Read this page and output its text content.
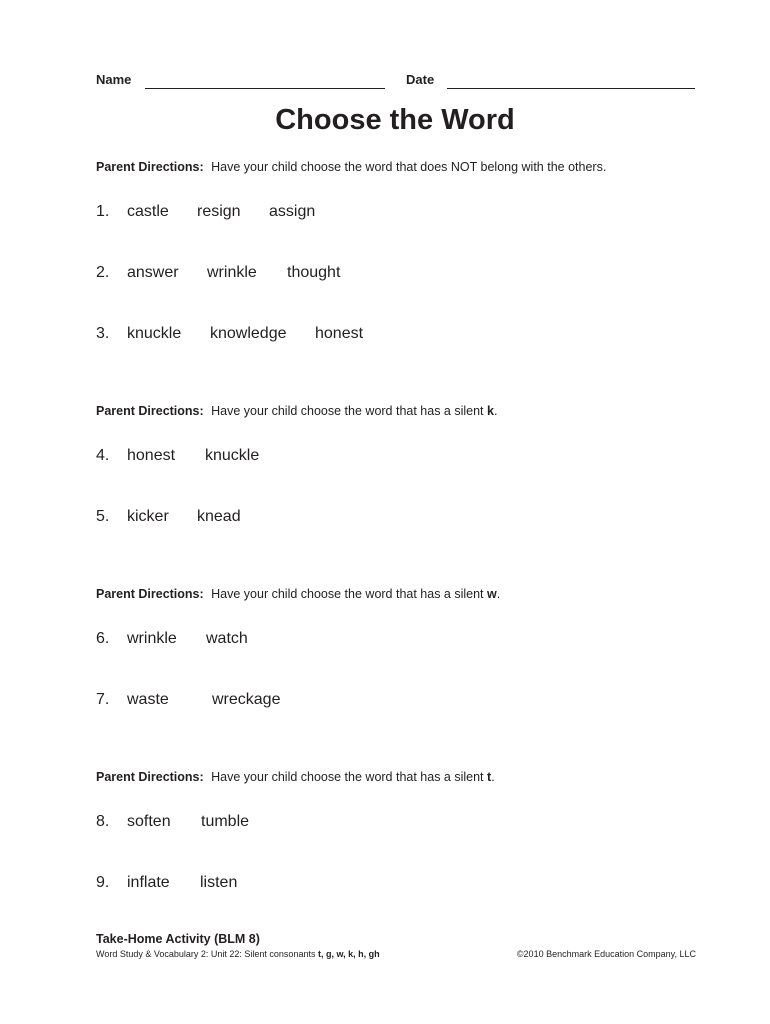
Name	Date
Choose the Word
Parent Directions: Have your child choose the word that does NOT belong with the others.
1. castle resign assign
2. answer wrinkle thought
3. knuckle knowledge honest
Parent Directions: Have your child choose the word that has a silent k.
4. honest knuckle
5. kicker knead
Parent Directions: Have your child choose the word that has a silent w.
6. wrinkle watch
7. waste	wreckage
Parent Directions: Have your child choose the word that has a silent t.
8. soften tumble
9. inflate listen
Take-Home Activity (BLM 8)
Word Study & Vocabulary 2: Unit 22: Silent consonants t, g, w, k, h, gh	©2010 Benchmark Education Company, LLC
